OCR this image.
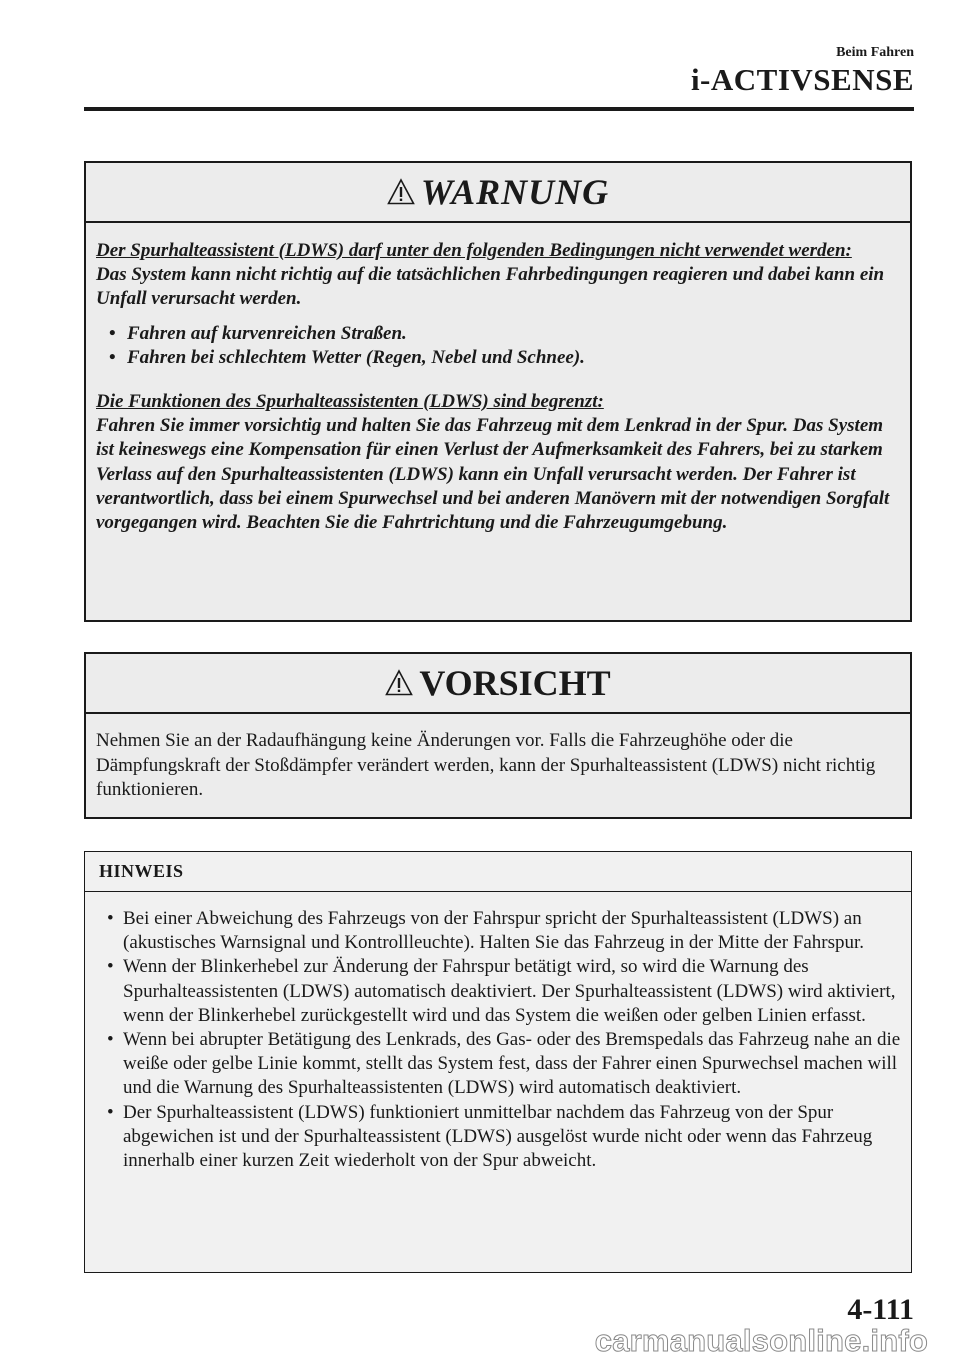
Beim Fahren
i-ACTIVSENSE
WARNUNG

Der Spurhalteassistent (LDWS) darf unter den folgenden Bedingungen nicht verwendet werden:

Das System kann nicht richtig auf die tatsächlichen Fahrbedingungen reagieren und dabei kann ein Unfall verursacht werden.

• Fahren auf kurvenreichen Straßen.
• Fahren bei schlechtem Wetter (Regen, Nebel und Schnee).

Die Funktionen des Spurhalteassistenten (LDWS) sind begrenzt:

Fahren Sie immer vorsichtig und halten Sie das Fahrzeug mit dem Lenkrad in der Spur. Das System ist keineswegs eine Kompensation für einen Verlust der Aufmerksamkeit des Fahrers, bei zu starkem Verlass auf den Spurhalteassistenten (LDWS) kann ein Unfall verursacht werden. Der Fahrer ist verantwortlich, dass bei einem Spurwechsel und bei anderen Manövern mit der notwendigen Sorgfalt vorgegangen wird. Beachten Sie die Fahrtrichtung und die Fahrzeugumgebung.

VORSICHT
Nehmen Sie an der Radaufhängung keine Änderungen vor. Falls die Fahrzeughöhe oder die Dämpfungskraft der Stoßdämpfer verändert werden, kann der Spurhalteassistent (LDWS) nicht richtig funktionieren.
HINWEIS
• Bei einer Abweichung des Fahrzeugs von der Fahrspur spricht der Spurhalteassistent (LDWS) an (akustisches Warnsignal und Kontrollleuchte). Halten Sie das Fahrzeug in der Mitte der Fahrspur.
• Wenn der Blinkerhebel zur Änderung der Fahrspur betätigt wird, so wird die Warnung des Spurhalteassistenten (LDWS) automatisch deaktiviert. Der Spurhalteassistent (LDWS) wird aktiviert, wenn der Blinkerhebel zurückgestellt wird und das System die weißen oder gelben Linien erfasst.
• Wenn bei abrupter Betätigung des Lenkrads, des Gas- oder des Bremspedals das Fahrzeug nahe an die weiße oder gelbe Linie kommt, stellt das System fest, dass der Fahrer einen Spurwechsel machen will und die Warnung des Spurhalteassistenten (LDWS) wird automatisch deaktiviert.
• Der Spurhalteassistent (LDWS) funktioniert unmittelbar nachdem das Fahrzeug von der Spur abgewichen ist und der Spurhalteassistent (LDWS) ausgelöst wurde nicht oder wenn das Fahrzeug innerhalb einer kurzen Zeit wiederholt von der Spur abweicht.
4-111
carmanualsonline.info
